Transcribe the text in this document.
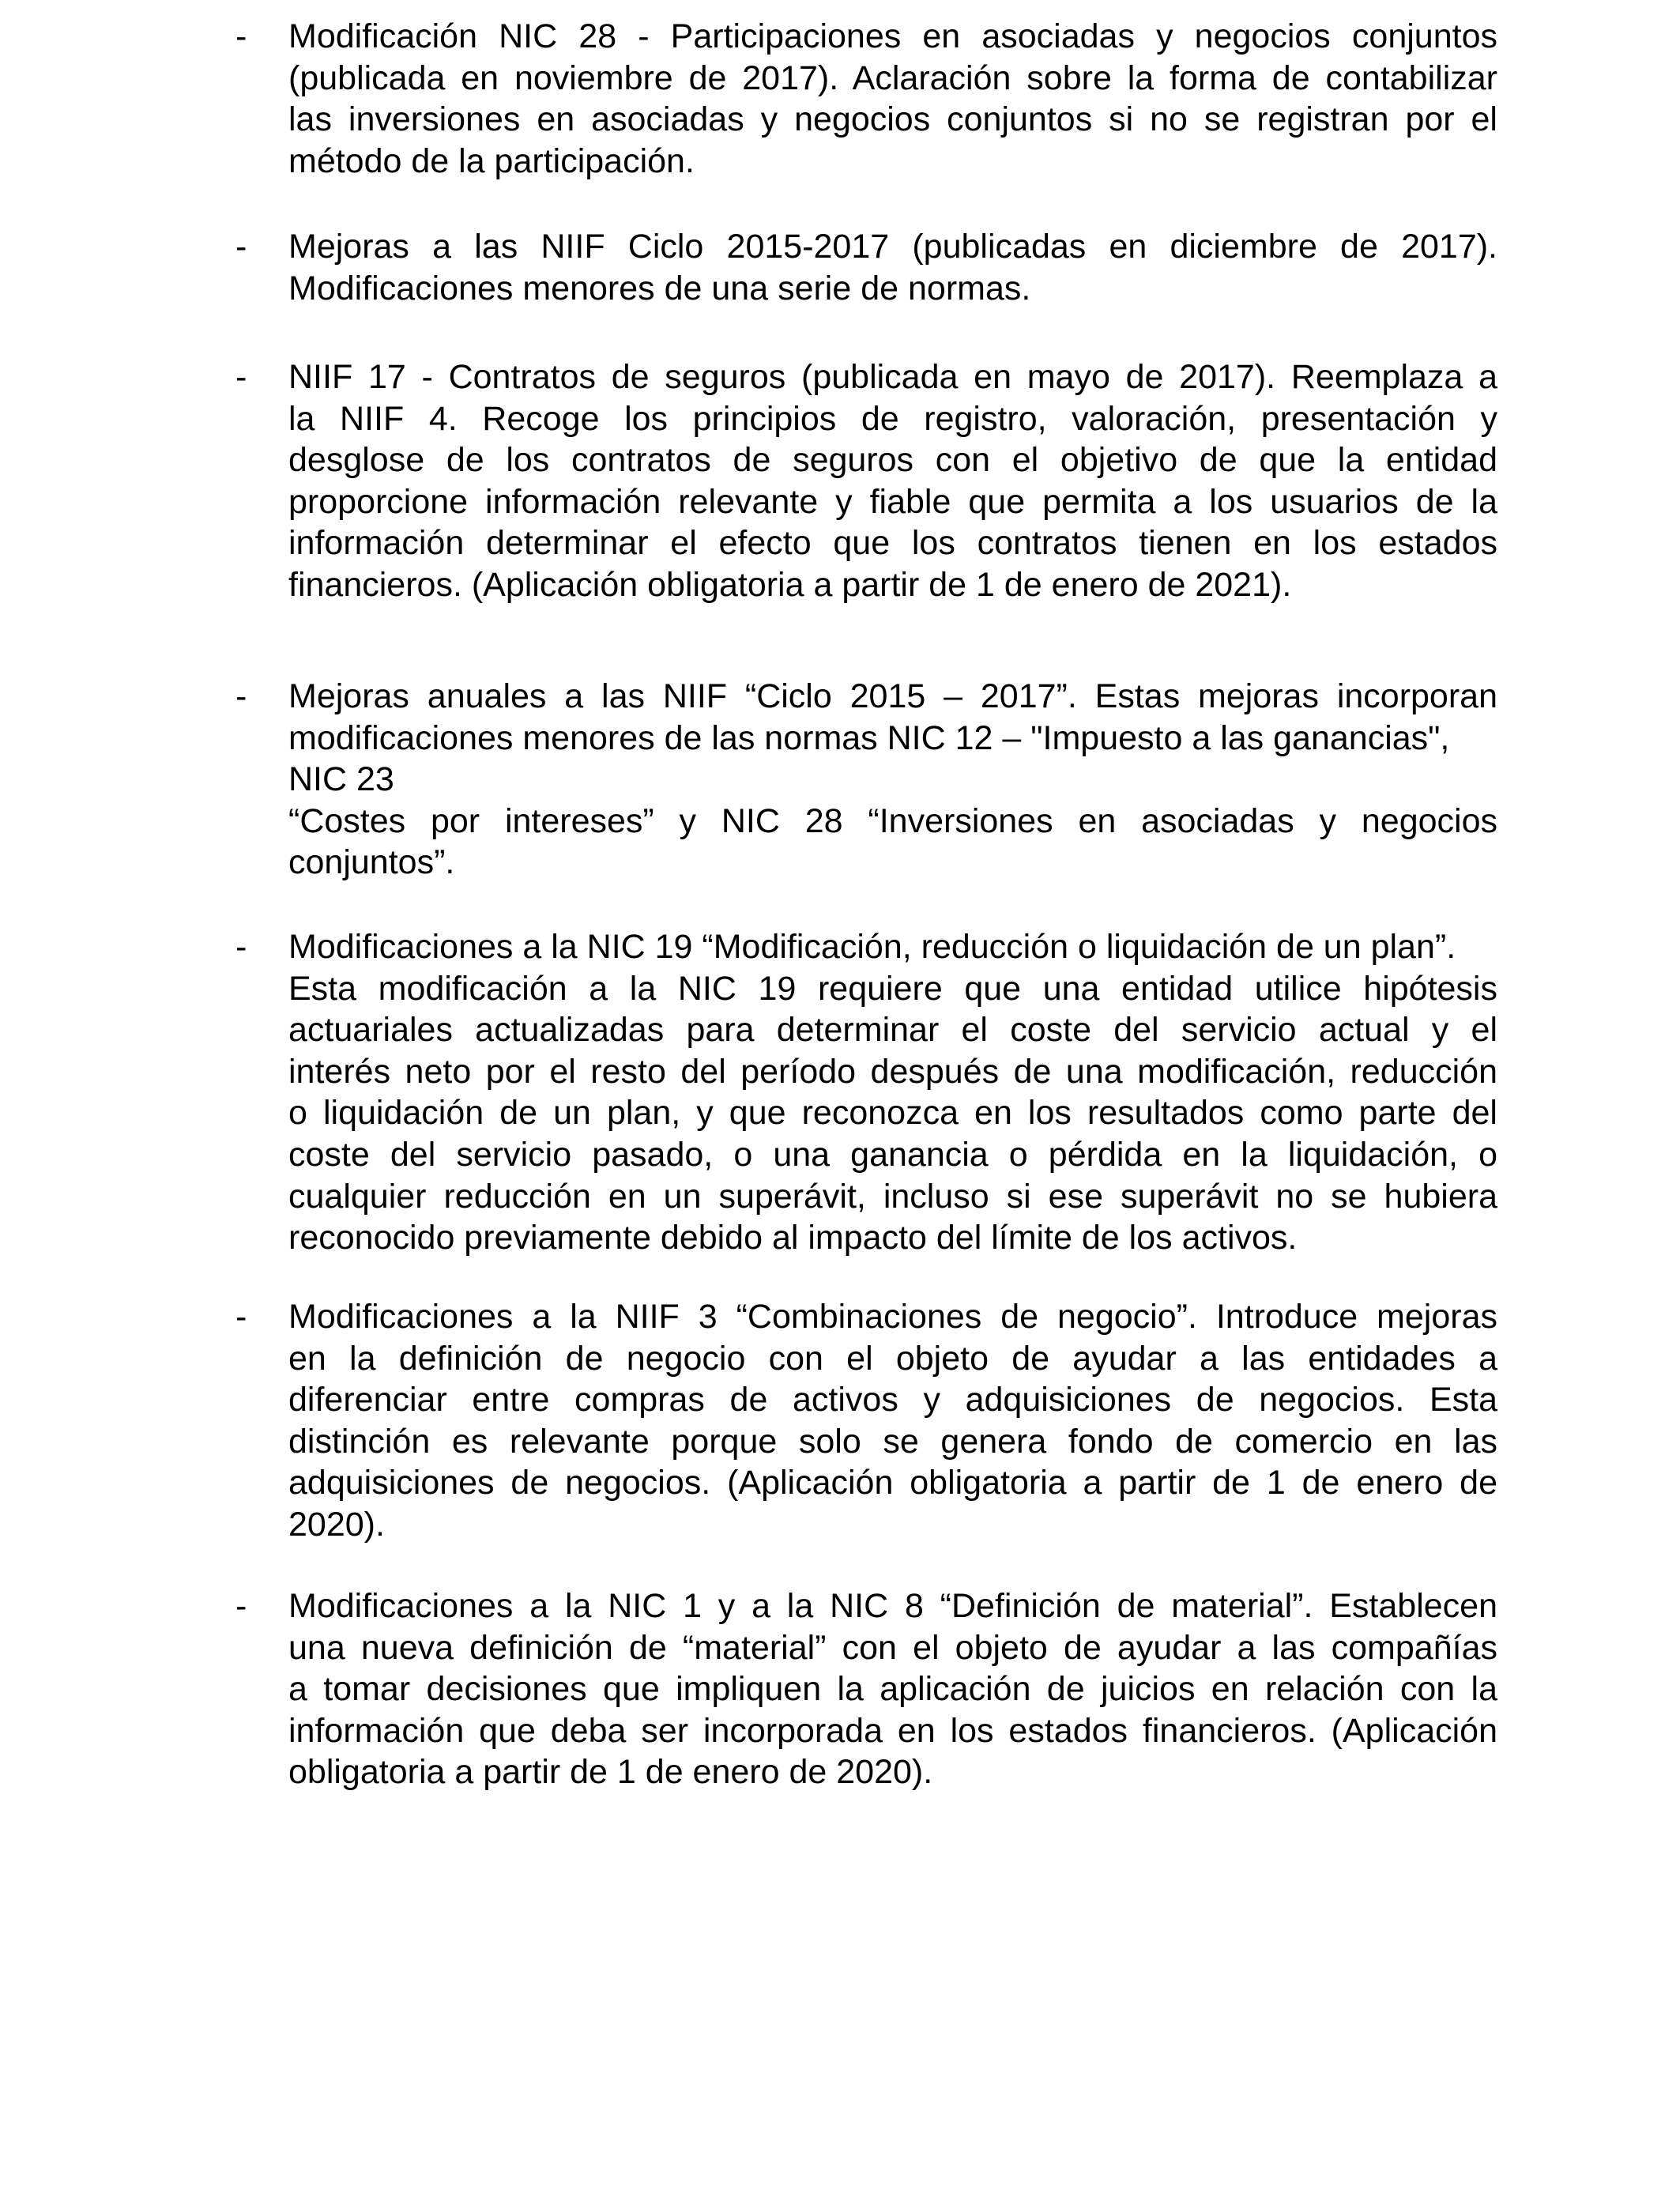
- Modificación NIC 28 - Participaciones en asociadas y negocios conjuntos
(publicada en noviembre de 2017). Aclaración sobre la forma de contabilizar
las inversiones en asociadas y negocios conjuntos si no se registran por el
método de la participación.
- Mejoras a las NIIF Ciclo 2015-2017 (publicadas en diciembre de 2017).
Modificaciones menores de una serie de normas.
- NIIF 17 - Contratos de seguros (publicada en mayo de 2017). Reemplaza a
la NIIF 4. Recoge los principios de registro, valoración, presentación y
desglose de los contratos de seguros con el objetivo de que la entidad
proporcione información relevante y fiable que permita a los usuarios de la
información determinar el efecto que los contratos tienen en los estados
financieros. (Aplicación obligatoria a partir de 1 de enero de 2021).
- Mejoras anuales a las NIIF “Ciclo 2015 – 2017”. Estas mejoras incorporan
modificaciones menores de las normas NIC 12 – "Impuesto a las ganancias",
NIC 23
“Costes por intereses” y NIC 28 “Inversiones en asociadas y negocios
conjuntos”.
- Modificaciones a la NIC 19 “Modificación, reducción o liquidación de un plan”.
Esta modificación a la NIC 19 requiere que una entidad utilice hipótesis
actuariales actualizadas para determinar el coste del servicio actual y el
interés neto por el resto del período después de una modificación, reducción
o liquidación de un plan, y que reconozca en los resultados como parte del
coste del servicio pasado, o una ganancia o pérdida en la liquidación, o
cualquier reducción en un superávit, incluso si ese superávit no se hubiera
reconocido previamente debido al impacto del límite de los activos.
- Modificaciones a la NIIF 3 “Combinaciones de negocio”. Introduce mejoras
en la definición de negocio con el objeto de ayudar a las entidades a
diferenciar entre compras de activos y adquisiciones de negocios. Esta
distinción es relevante porque solo se genera fondo de comercio en las
adquisiciones de negocios. (Aplicación obligatoria a partir de 1 de enero de
2020).
- Modificaciones a la NIC 1 y a la NIC 8 “Definición de material”. Establecen
una nueva definición de “material” con el objeto de ayudar a las compañías
a tomar decisiones que impliquen la aplicación de juicios en relación con la
información que deba ser incorporada en los estados financieros. (Aplicación
obligatoria a partir de 1 de enero de 2020).
